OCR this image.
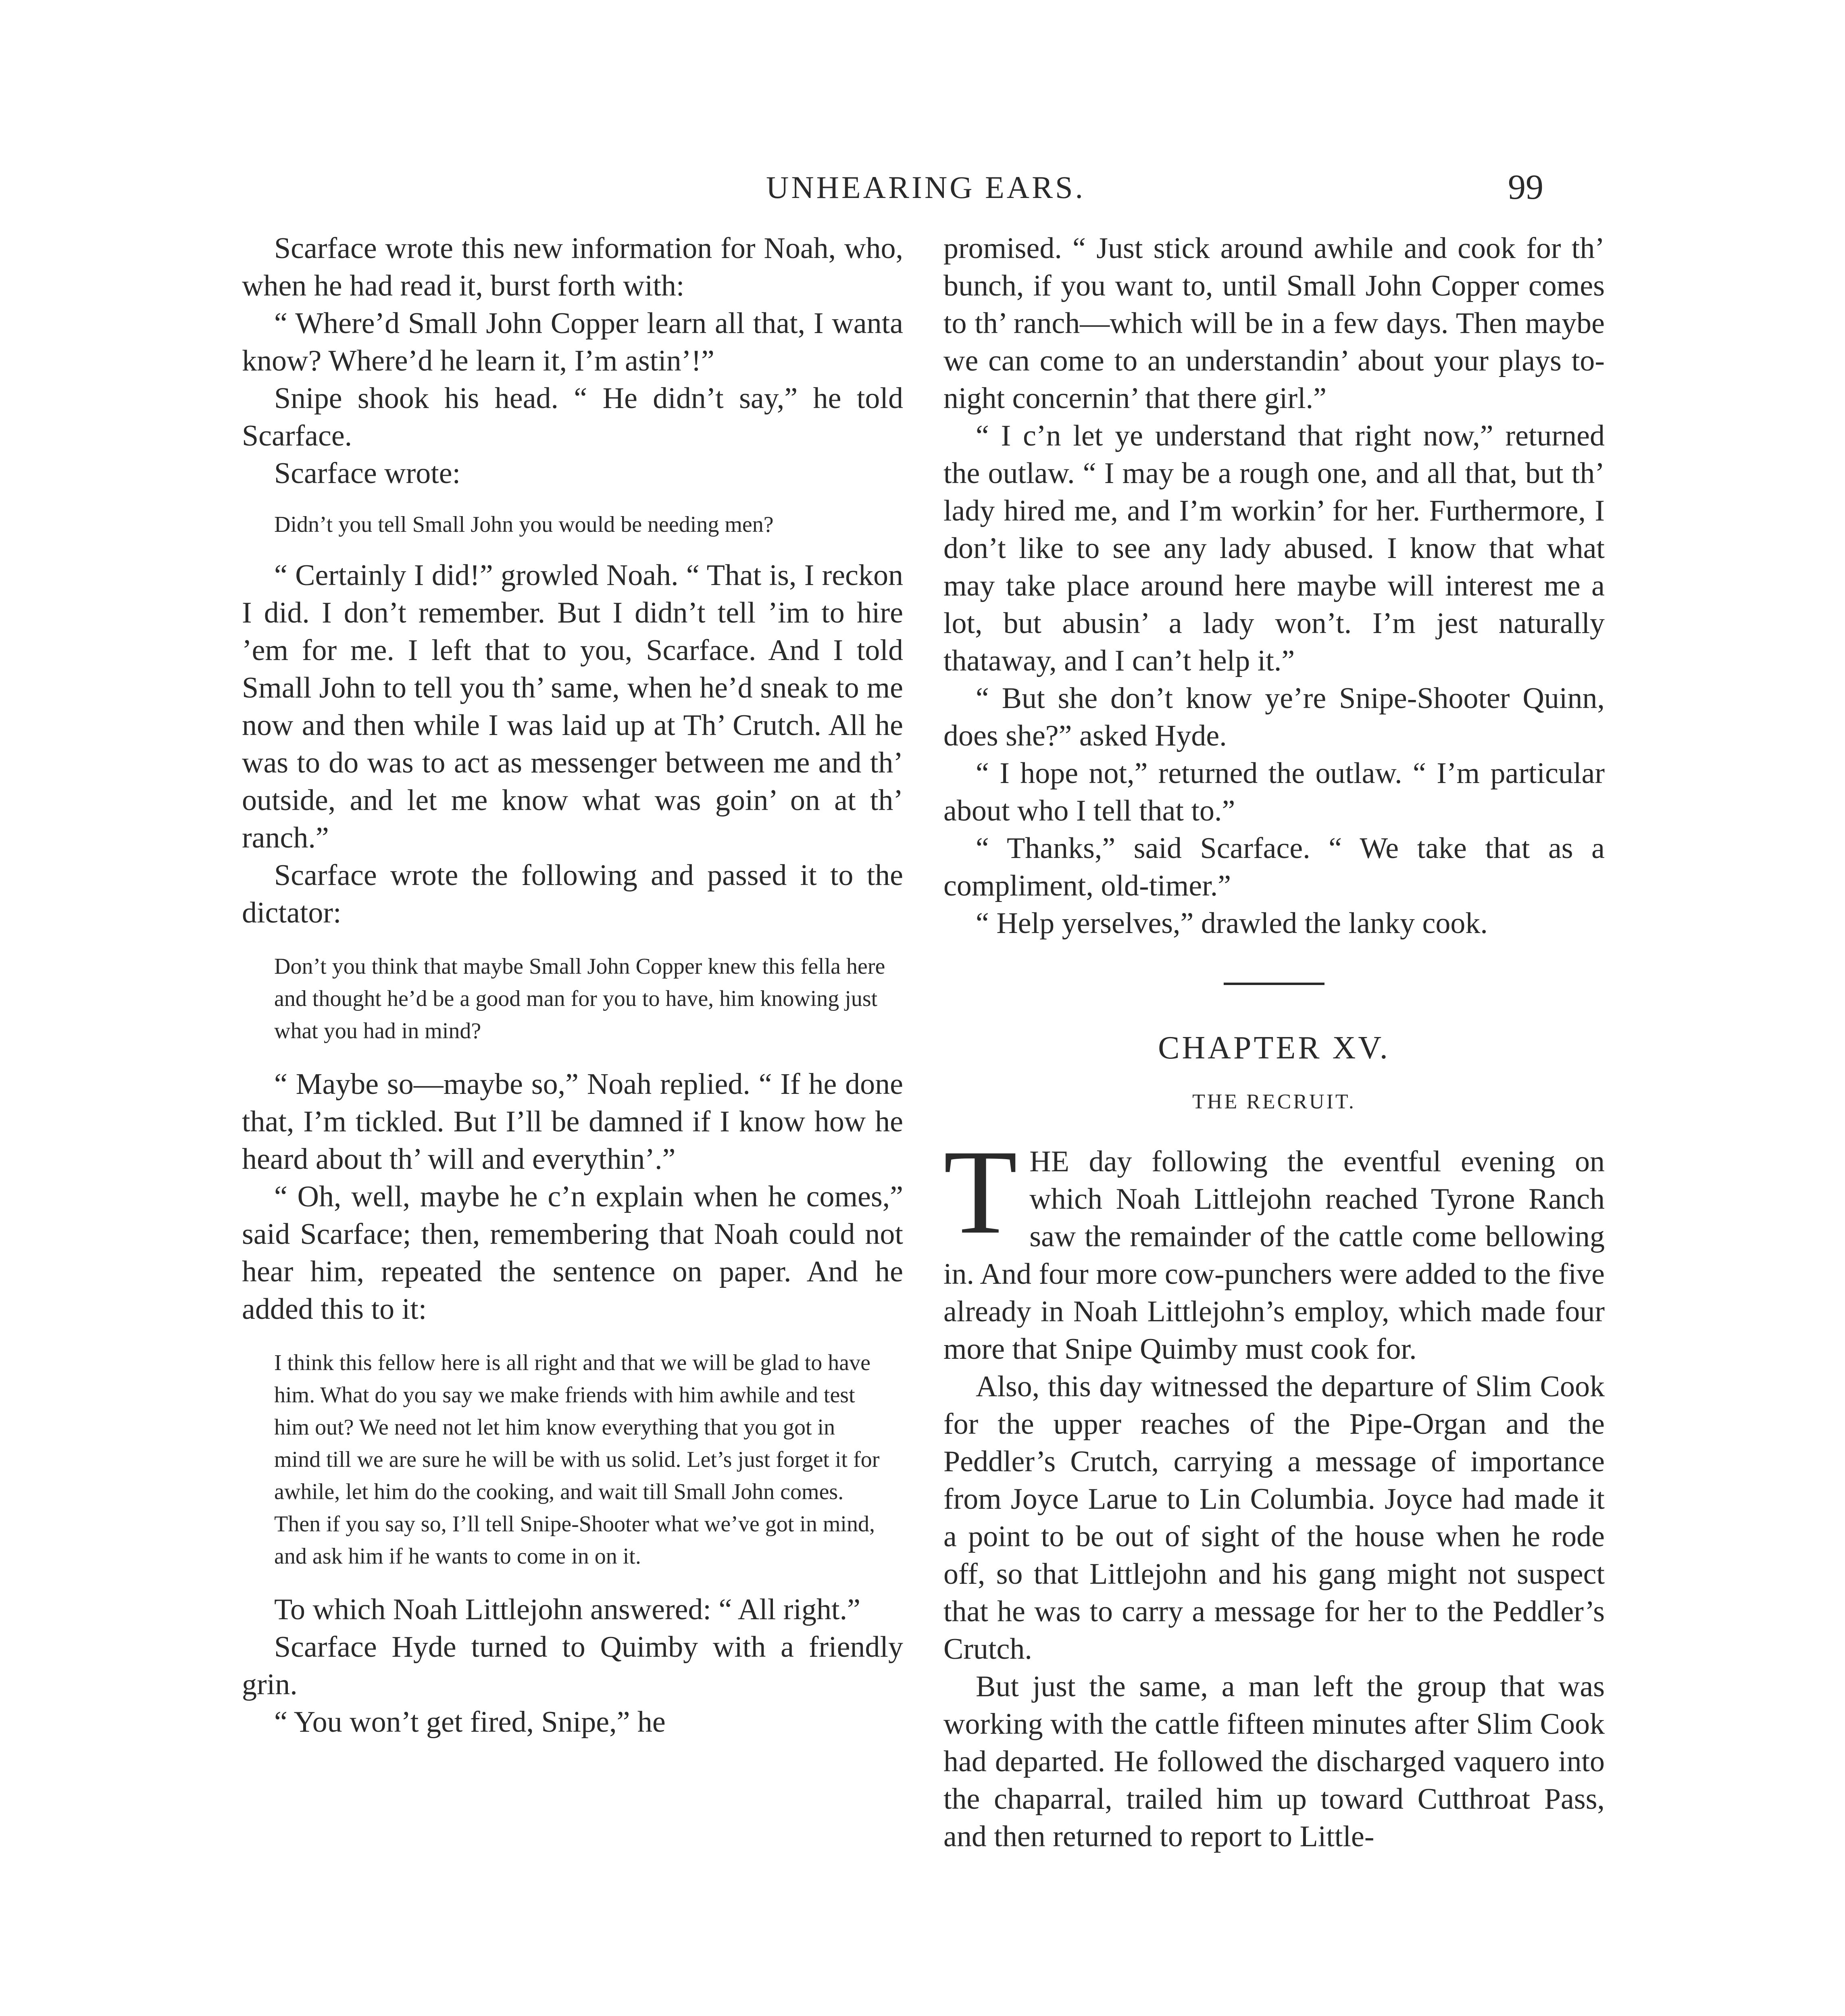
UNHEARING EARS.	99

Scarface wrote this new information for Noah, who, when he had read it, burst forth with:

“ Where’d Small John Copper learn all that, I wanta know? Where’d he learn it, I’m astin’!”

Snipe shook his head. “ He didn’t say,” he told Scarface.

Scarface wrote:

Didn’t you tell Small John you would be needing men?

“ Certainly I did!” growled Noah. “ That is, I reckon I did. I don’t remember. But I didn’t tell ’im to hire ’em for me. I left that to you, Scarface. And I told Small John to tell you th’ same, when he’d sneak to me now and then while I was laid up at Th’ Crutch. All he was to do was to act as messenger between me and th’ outside, and let me know what was goin’ on at th’ ranch.”

Scarface wrote the following and passed it to the dictator:

Don’t you think that maybe Small John Copper knew this fella here and thought he’d be a good man for you to have, him knowing just what you had in mind?

“ Maybe so—maybe so,” Noah replied. “ If he done that, I’m tickled. But I’ll be damned if I know how he heard about th’ will and everythin’.”

“ Oh, well, maybe he c’n explain when he comes,” said Scarface; then, remembering that Noah could not hear him, repeated the sentence on paper. And he added this to it:

I think this fellow here is all right and that we will be glad to have him. What do you say we make friends with him awhile and test him out? We need not let him know everything that you got in mind till we are sure he will be with us solid. Let’s just forget it for awhile, let him do the cooking, and wait till Small John comes. Then if you say so, I’ll tell Snipe-Shooter what we’ve got in mind, and ask him if he wants to come in on it.

To which Noah Littlejohn answered: “ All right.”

Scarface Hyde turned to Quimby with a friendly grin.

“ You won’t get fired, Snipe,” he

promised. “ Just stick around awhile and cook for th’ bunch, if you want to, until Small John Copper comes to th’ ranch—which will be in a few days. Then maybe we can come to an understandin’ about your plays to-night concernin’ that there girl.”

“ I c’n let ye understand that right now,” returned the outlaw. “ I may be a rough one, and all that, but th’ lady hired me, and I’m workin’ for her. Furthermore, I don’t like to see any lady abused. I know that what may take place around here maybe will interest me a lot, but abusin’ a lady won’t. I’m jest naturally thataway, and I can’t help it.”

“ But she don’t know ye’re Snipe-Shooter Quinn, does she?” asked Hyde.

“ I hope not,” returned the outlaw. “ I’m particular about who I tell that to.”

“ Thanks,” said Scarface. “ We take that as a compliment, old-timer.”

“ Help yerselves,” drawled the lanky cook.

CHAPTER XV.
THE RECRUIT.

THE day following the eventful evening on which Noah Littlejohn reached Tyrone Ranch saw the remainder of the cattle come bellowing in. And four more cow-punchers were added to the five already in Noah Littlejohn’s employ, which made four more that Snipe Quimby must cook for.

Also, this day witnessed the departure of Slim Cook for the upper reaches of the Pipe-Organ and the Peddler’s Crutch, carrying a message of importance from Joyce Larue to Lin Columbia. Joyce had made it a point to be out of sight of the house when he rode off, so that Littlejohn and his gang might not suspect that he was to carry a message for her to the Peddler’s Crutch.

But just the same, a man left the group that was working with the cattle fifteen minutes after Slim Cook had departed. He followed the discharged vaquero into the chaparral, trailed him up toward Cutthroat Pass, and then returned to report to Little-
